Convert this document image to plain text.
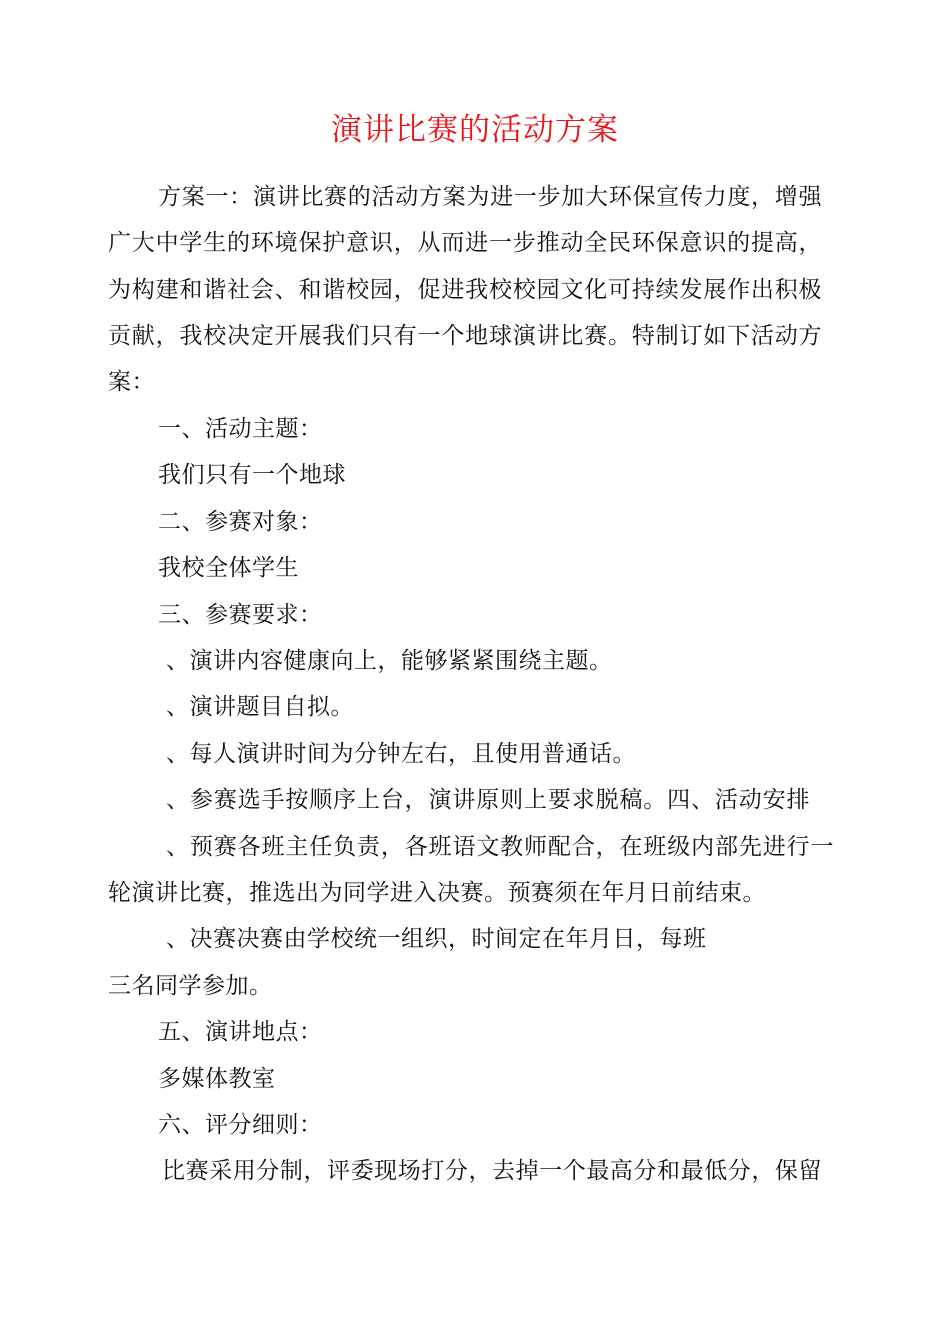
演讲比赛的活动方案
方案一：演讲比赛的活动方案为进一步加大环保宣传力度，增强
广大中学生的环境保护意识，从而进一步推动全民环保意识的提高，
为构建和谐社会、和谐校园，促进我校校园文化可持续发展作出积极
贡献，我校决定开展我们只有一个地球演讲比赛。特制订如下活动方
案：
一、活动主题：
我们只有一个地球
二、参赛对象：
我校全体学生
三、参赛要求：
、演讲内容健康向上，能够紧紧围绕主题。
、演讲题目自拟。
、每人演讲时间为分钟左右，且使用普通话。
、参赛选手按顺序上台，演讲原则上要求脱稿。四、活动安排
、预赛各班主任负责，各班语文教师配合，在班级内部先进行一
轮演讲比赛，推选出为同学进入决赛。预赛须在年月日前结束。
、决赛决赛由学校统一组织，时间定在年月日，每班
三名同学参加。
五、演讲地点：
多媒体教室
六、评分细则：
比赛采用分制，评委现场打分，去掉一个最高分和最低分，保留
